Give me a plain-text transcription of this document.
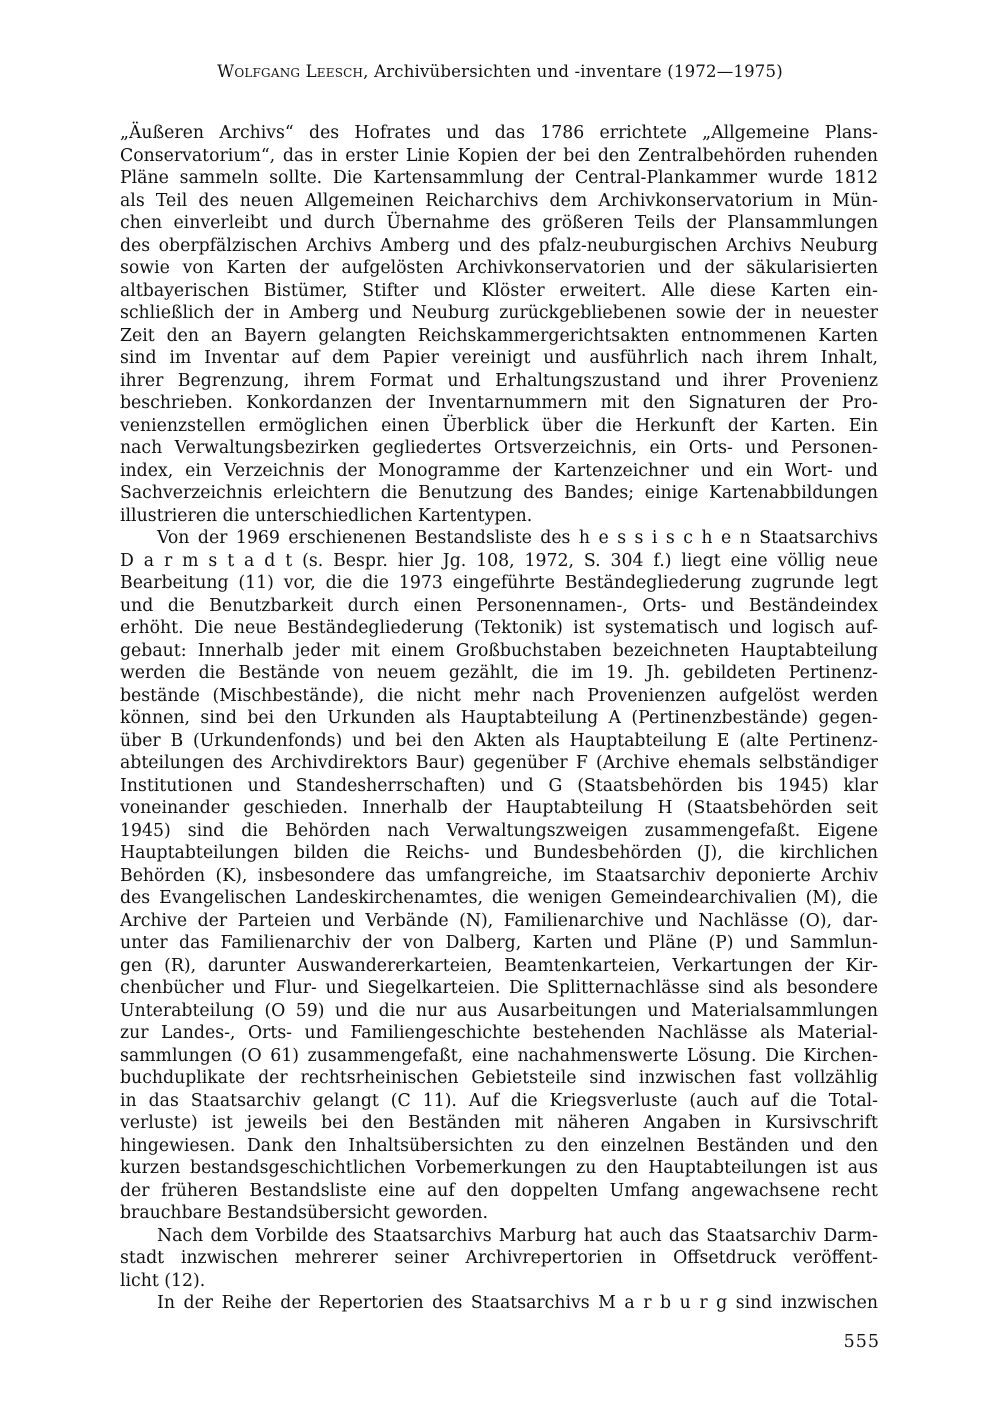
Wolfgang Leesch, Archivübersichten und -inventare (1972—1975)
„Äußeren Archivs“ des Hofrates und das 1786 errichtete „Allgemeine Plans-
Conservatorium“, das in erster Linie Kopien der bei den Zentralbehörden ruhenden
Pläne sammeln sollte. Die Kartensammlung der Central-Plankammer wurde 1812
als Teil des neuen Allgemeinen Reicharchivs dem Archivkonservatorium in Mün-
chen einverleibt und durch Übernahme des größeren Teils der Plansammlungen
des oberpfälzischen Archivs Amberg und des pfalz-neuburgischen Archivs Neuburg
sowie von Karten der aufgelösten Archivkonservatorien und der säkularisierten
altbayerischen Bistümer, Stifter und Klöster erweitert. Alle diese Karten ein-
schließlich der in Amberg und Neuburg zurückgebliebenen sowie der in neuester
Zeit den an Bayern gelangten Reichskammergerichtsakten entnommenen Karten
sind im Inventar auf dem Papier vereinigt und ausführlich nach ihrem Inhalt,
ihrer Begrenzung, ihrem Format und Erhaltungszustand und ihrer Provenienz
beschrieben. Konkordanzen der Inventarnummern mit den Signaturen der Pro-
venienzstellen ermöglichen einen Überblick über die Herkunft der Karten. Ein
nach Verwaltungsbezirken gegliedertes Ortsverzeichnis, ein Orts- und Personen-
index, ein Verzeichnis der Monogramme der Kartenzeichner und ein Wort- und
Sachverzeichnis erleichtern die Benutzung des Bandes; einige Kartenabbildungen
illustrieren die unterschiedlichen Kartentypen.
Von der 1969 erschienenen Bestandsliste des h e s s i s c h e n Staatsarchivs
D a r m s t a d t (s. Bespr. hier Jg. 108, 1972, S. 304 f.) liegt eine völlig neue
Bearbeitung (11) vor, die die 1973 eingeführte Beständegliederung zugrunde legt
und die Benutzbarkeit durch einen Personennamen-, Orts- und Beständeindex
erhöht. Die neue Beständegliederung (Tektonik) ist systematisch und logisch auf-
gebaut: Innerhalb jeder mit einem Großbuchstaben bezeichneten Hauptabteilung
werden die Bestände von neuem gezählt, die im 19. Jh. gebildeten Pertinenz-
bestände (Mischbestände), die nicht mehr nach Provenienzen aufgelöst werden
können, sind bei den Urkunden als Hauptabteilung A (Pertinenzbestände) gegen-
über B (Urkundenfonds) und bei den Akten als Hauptabteilung E (alte Pertinenz-
abteilungen des Archivdirektors Baur) gegenüber F (Archive ehemals selbständiger
Institutionen und Standesherrschaften) und G (Staatsbehörden bis 1945) klar
voneinander geschieden. Innerhalb der Hauptabteilung H (Staatsbehörden seit
1945) sind die Behörden nach Verwaltungszweigen zusammengefaßt. Eigene
Hauptabteilungen bilden die Reichs- und Bundesbehörden (J), die kirchlichen
Behörden (K), insbesondere das umfangreiche, im Staatsarchiv deponierte Archiv
des Evangelischen Landeskirchenamtes, die wenigen Gemeindearchivalien (M), die
Archive der Parteien und Verbände (N), Familienarchive und Nachlässe (O), dar-
unter das Familienarchiv der von Dalberg, Karten und Pläne (P) und Sammlun-
gen (R), darunter Auswandererkarteien, Beamtenkarteien, Verkartungen der Kir-
chenbücher und Flur- und Siegelkarteien. Die Splitternachlässe sind als besondere
Unterabteilung (O 59) und die nur aus Ausarbeitungen und Materialsammlungen
zur Landes-, Orts- und Familiengeschichte bestehenden Nachlässe als Material-
sammlungen (O 61) zusammengefaßt, eine nachahmenswerte Lösung. Die Kirchen-
buchduplikate der rechtsrheinischen Gebietsteile sind inzwischen fast vollzählig
in das Staatsarchiv gelangt (C 11). Auf die Kriegsverluste (auch auf die Total-
verluste) ist jeweils bei den Beständen mit näheren Angaben in Kursivschrift
hingewiesen. Dank den Inhaltsübersichten zu den einzelnen Beständen und den
kurzen bestandsgeschichtlichen Vorbemerkungen zu den Hauptabteilungen ist aus
der früheren Bestandsliste eine auf den doppelten Umfang angewachsene recht
brauchbare Bestandsübersicht geworden.
Nach dem Vorbilde des Staatsarchivs Marburg hat auch das Staatsarchiv Darm-
stadt inzwischen mehrerer seiner Archivrepertorien in Offsetdruck veröffent-
licht (12).
In der Reihe der Repertorien des Staatsarchivs M a r b u r g sind inzwischen
555
